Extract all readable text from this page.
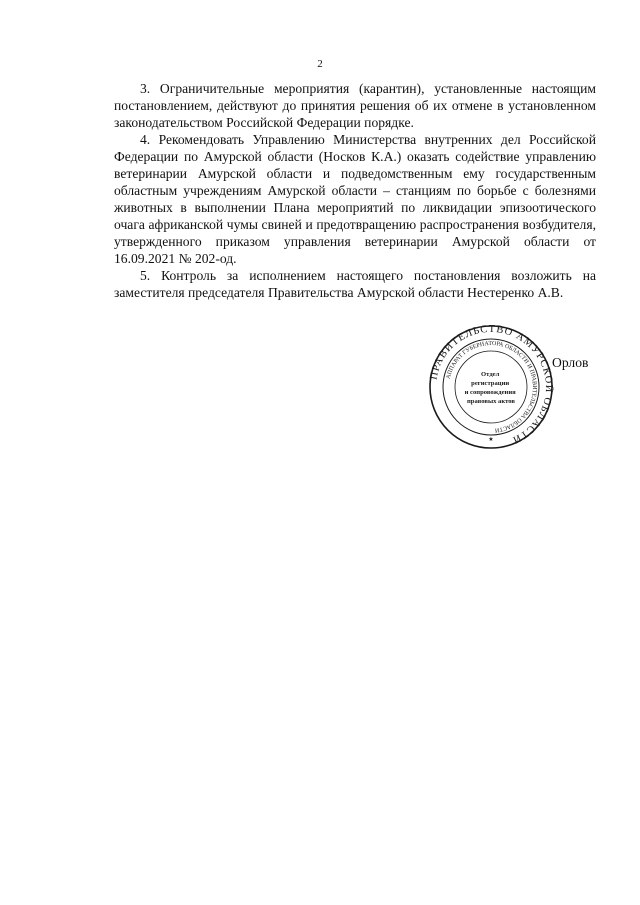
2

3. Ограничительные мероприятия (карантин), установленные настоящим постановлением, действуют до принятия решения об их отмене в установленном законодательством Российской Федерации порядке.

4. Рекомендовать Управлению Министерства внутренних дел Российской Федерации по Амурской области (Носков К.А.) оказать содействие управлению ветеринарии Амурской области и подведомственным ему государственным областным учреждениям Амурской области – станциям по борьбе с болезнями животных в выполнении Плана мероприятий по ликвидации эпизоотического очага африканской чумы свиней и предотвращению распространения возбудителя, утвержденного приказом управления ветеринарии Амурской области от 16.09.2021 № 202-од.

5. Контроль за исполнением настоящего постановления возложить на заместителя председателя Правительства Амурской области Нестеренко А.В.

ПРАВИТЕЛЬСТВО АМУРСКОЙ ОБЛАСТИ
АППАРАТ ГУБЕРНАТОРА ОБЛАСТИ И ПРАВИТЕЛЬСТВА ОБЛАСТИ
Отдел регистрации и сопровождения правовых актов
★
Орлов
